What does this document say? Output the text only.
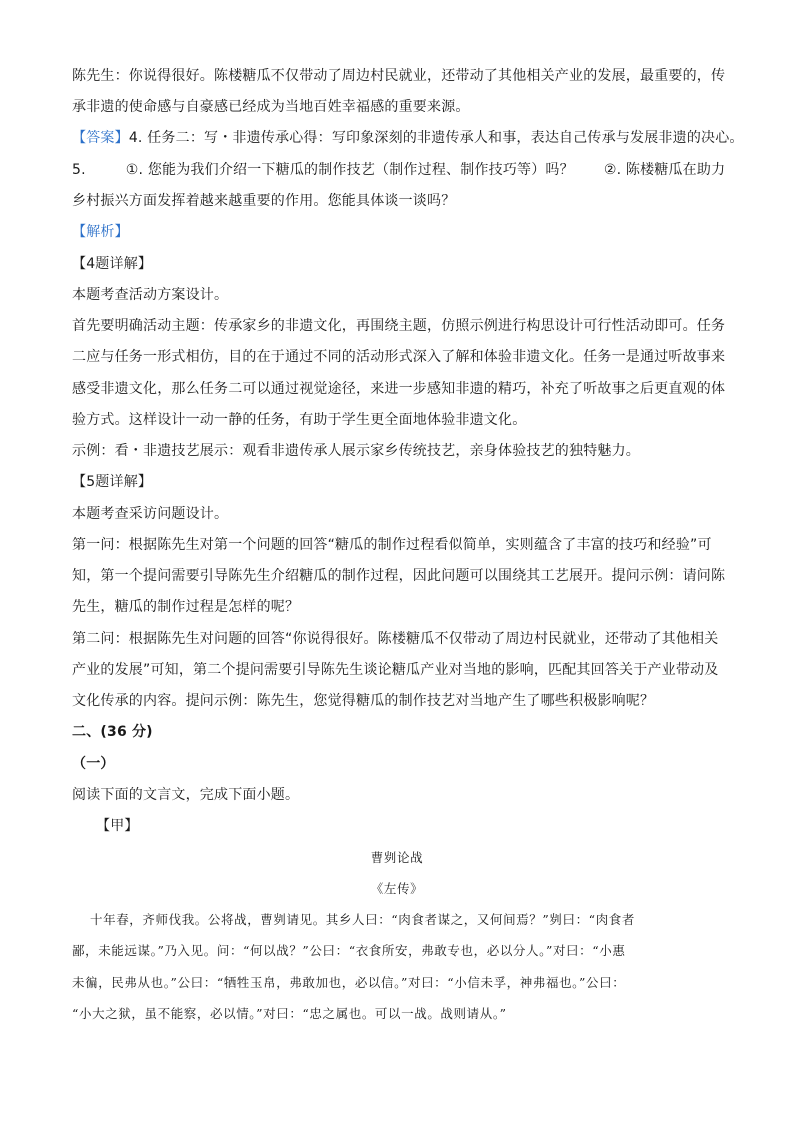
陈先生：你说得很好。陈楼糖瓜不仅带动了周边村民就业，还带动了其他相关产业的发展，最重要的，传
承非遗的使命感与自豪感已经成为当地百姓幸福感的重要来源。
【答案】4. 任务二：写・非遗传承心得：写印象深刻的非遗传承人和事，表达自己传承与发展非遗的决心。
5.	①. 您能为我们介绍一下糖瓜的制作技艺（制作过程、制作技巧等）吗？ ②. 陈楼糖瓜在助力
乡村振兴方面发挥着越来越重要的作用。您能具体谈一谈吗？
【解析】
【4题详解】
本题考查活动方案设计。
首先要明确活动主题：传承家乡的非遗文化，再围绕主题，仿照示例进行构思设计可行性活动即可。任务
二应与任务一形式相仿，目的在于通过不同的活动形式深入了解和体验非遗文化。任务一是通过听故事来
感受非遗文化，那么任务二可以通过视觉途径，来进一步感知非遗的精巧，补充了听故事之后更直观的体
验方式。这样设计一动一静的任务，有助于学生更全面地体验非遗文化。
示例：看・非遗技艺展示：观看非遗传承人展示家乡传统技艺，亲身体验技艺的独特魅力。
【5题详解】
本题考查采访问题设计。
第一问：根据陈先生对第一个问题的回答“糖瓜的制作过程看似简单，实则蕴含了丰富的技巧和经验”可
知，第一个提问需要引导陈先生介绍糖瓜的制作过程，因此问题可以围绕其工艺展开。提问示例：请问陈
先生，糖瓜的制作过程是怎样的呢？
第二问：根据陈先生对问题的回答“你说得很好。陈楼糖瓜不仅带动了周边村民就业，还带动了其他相关
产业的发展”可知，第二个提问需要引导陈先生谈论糖瓜产业对当地的影响，匹配其回答关于产业带动及
文化传承的内容。提问示例：陈先生，您觉得糖瓜的制作技艺对当地产生了哪些积极影响呢？
二、(36 分)
（一）
阅读下面的文言文，完成下面小题。
【甲】
曹刿论战
《左传》
十年春，齐师伐我。公将战，曹刿请见。其乡人曰：“肉食者谋之，又何间焉？”刿曰：“肉食者
鄙，未能远谋。”乃入见。问：“何以战？”公曰：“衣食所安，弗敢专也，必以分人。”对曰：“小惠
未徧，民弗从也。”公曰：“牺牲玉帛，弗敢加也，必以信。”对曰：“小信未孚，神弗福也。”公曰：
“小大之狱，虽不能察，必以情。”对曰：“忠之属也。可以一战。战则请从。”
